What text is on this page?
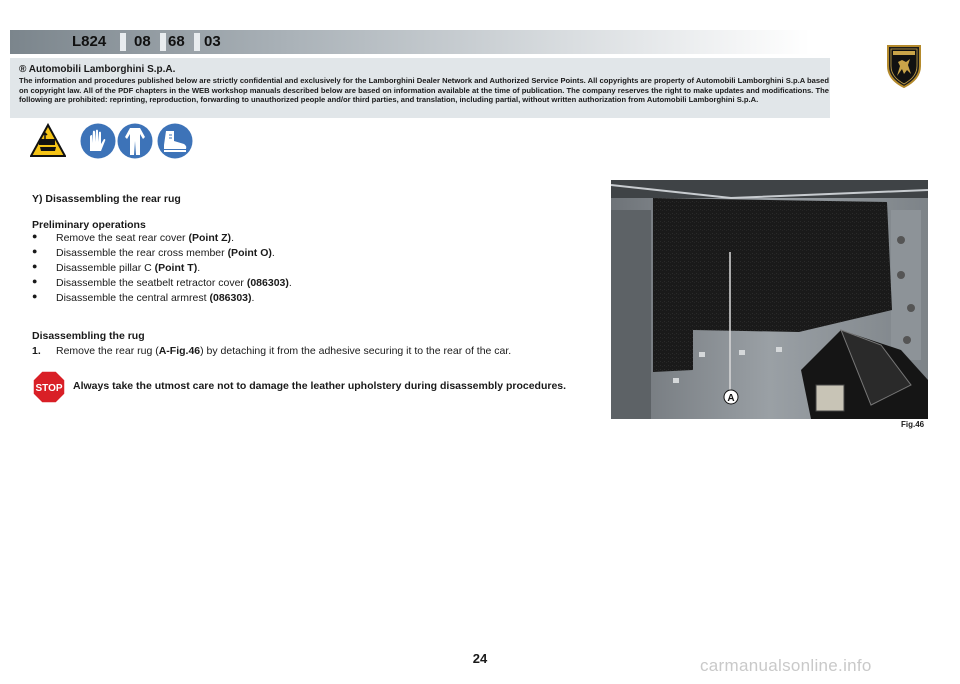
L824 08 68 03
® Automobili Lamborghini S.p.A.
The information and procedures published below are strictly confidential and exclusively for the Lamborghini Dealer Network and Authorized Service Points. All copyrights are property of Automobili Lamborghini S.p.A based on copyright law. All of the PDF chapters in the WEB workshop manuals described below are based on information available at the time of publication. The company reserves the right to make updates and modifications. The following are prohibited: reprinting, reproduction, forwarding to unauthorized people and/or third parties, and translation, including partial, without written authorization from Automobili Lamborghini S.p.A.
Y) Disassembling the rear rug
Preliminary operations
● Remove the seat rear cover (Point Z).
● Disassemble the rear cross member (Point O).
● Disassemble pillar C (Point T).
● Disassemble the seatbelt retractor cover (086303).
● Disassemble the central armrest (086303).
Disassembling the rug
1. Remove the rear rug (A-Fig.46) by detaching it from the adhesive securing it to the rear of the car.
STOP Always take the utmost care not to damage the leather upholstery during disassembly procedures.
A
Fig.46
24	carmanualsonline.info
